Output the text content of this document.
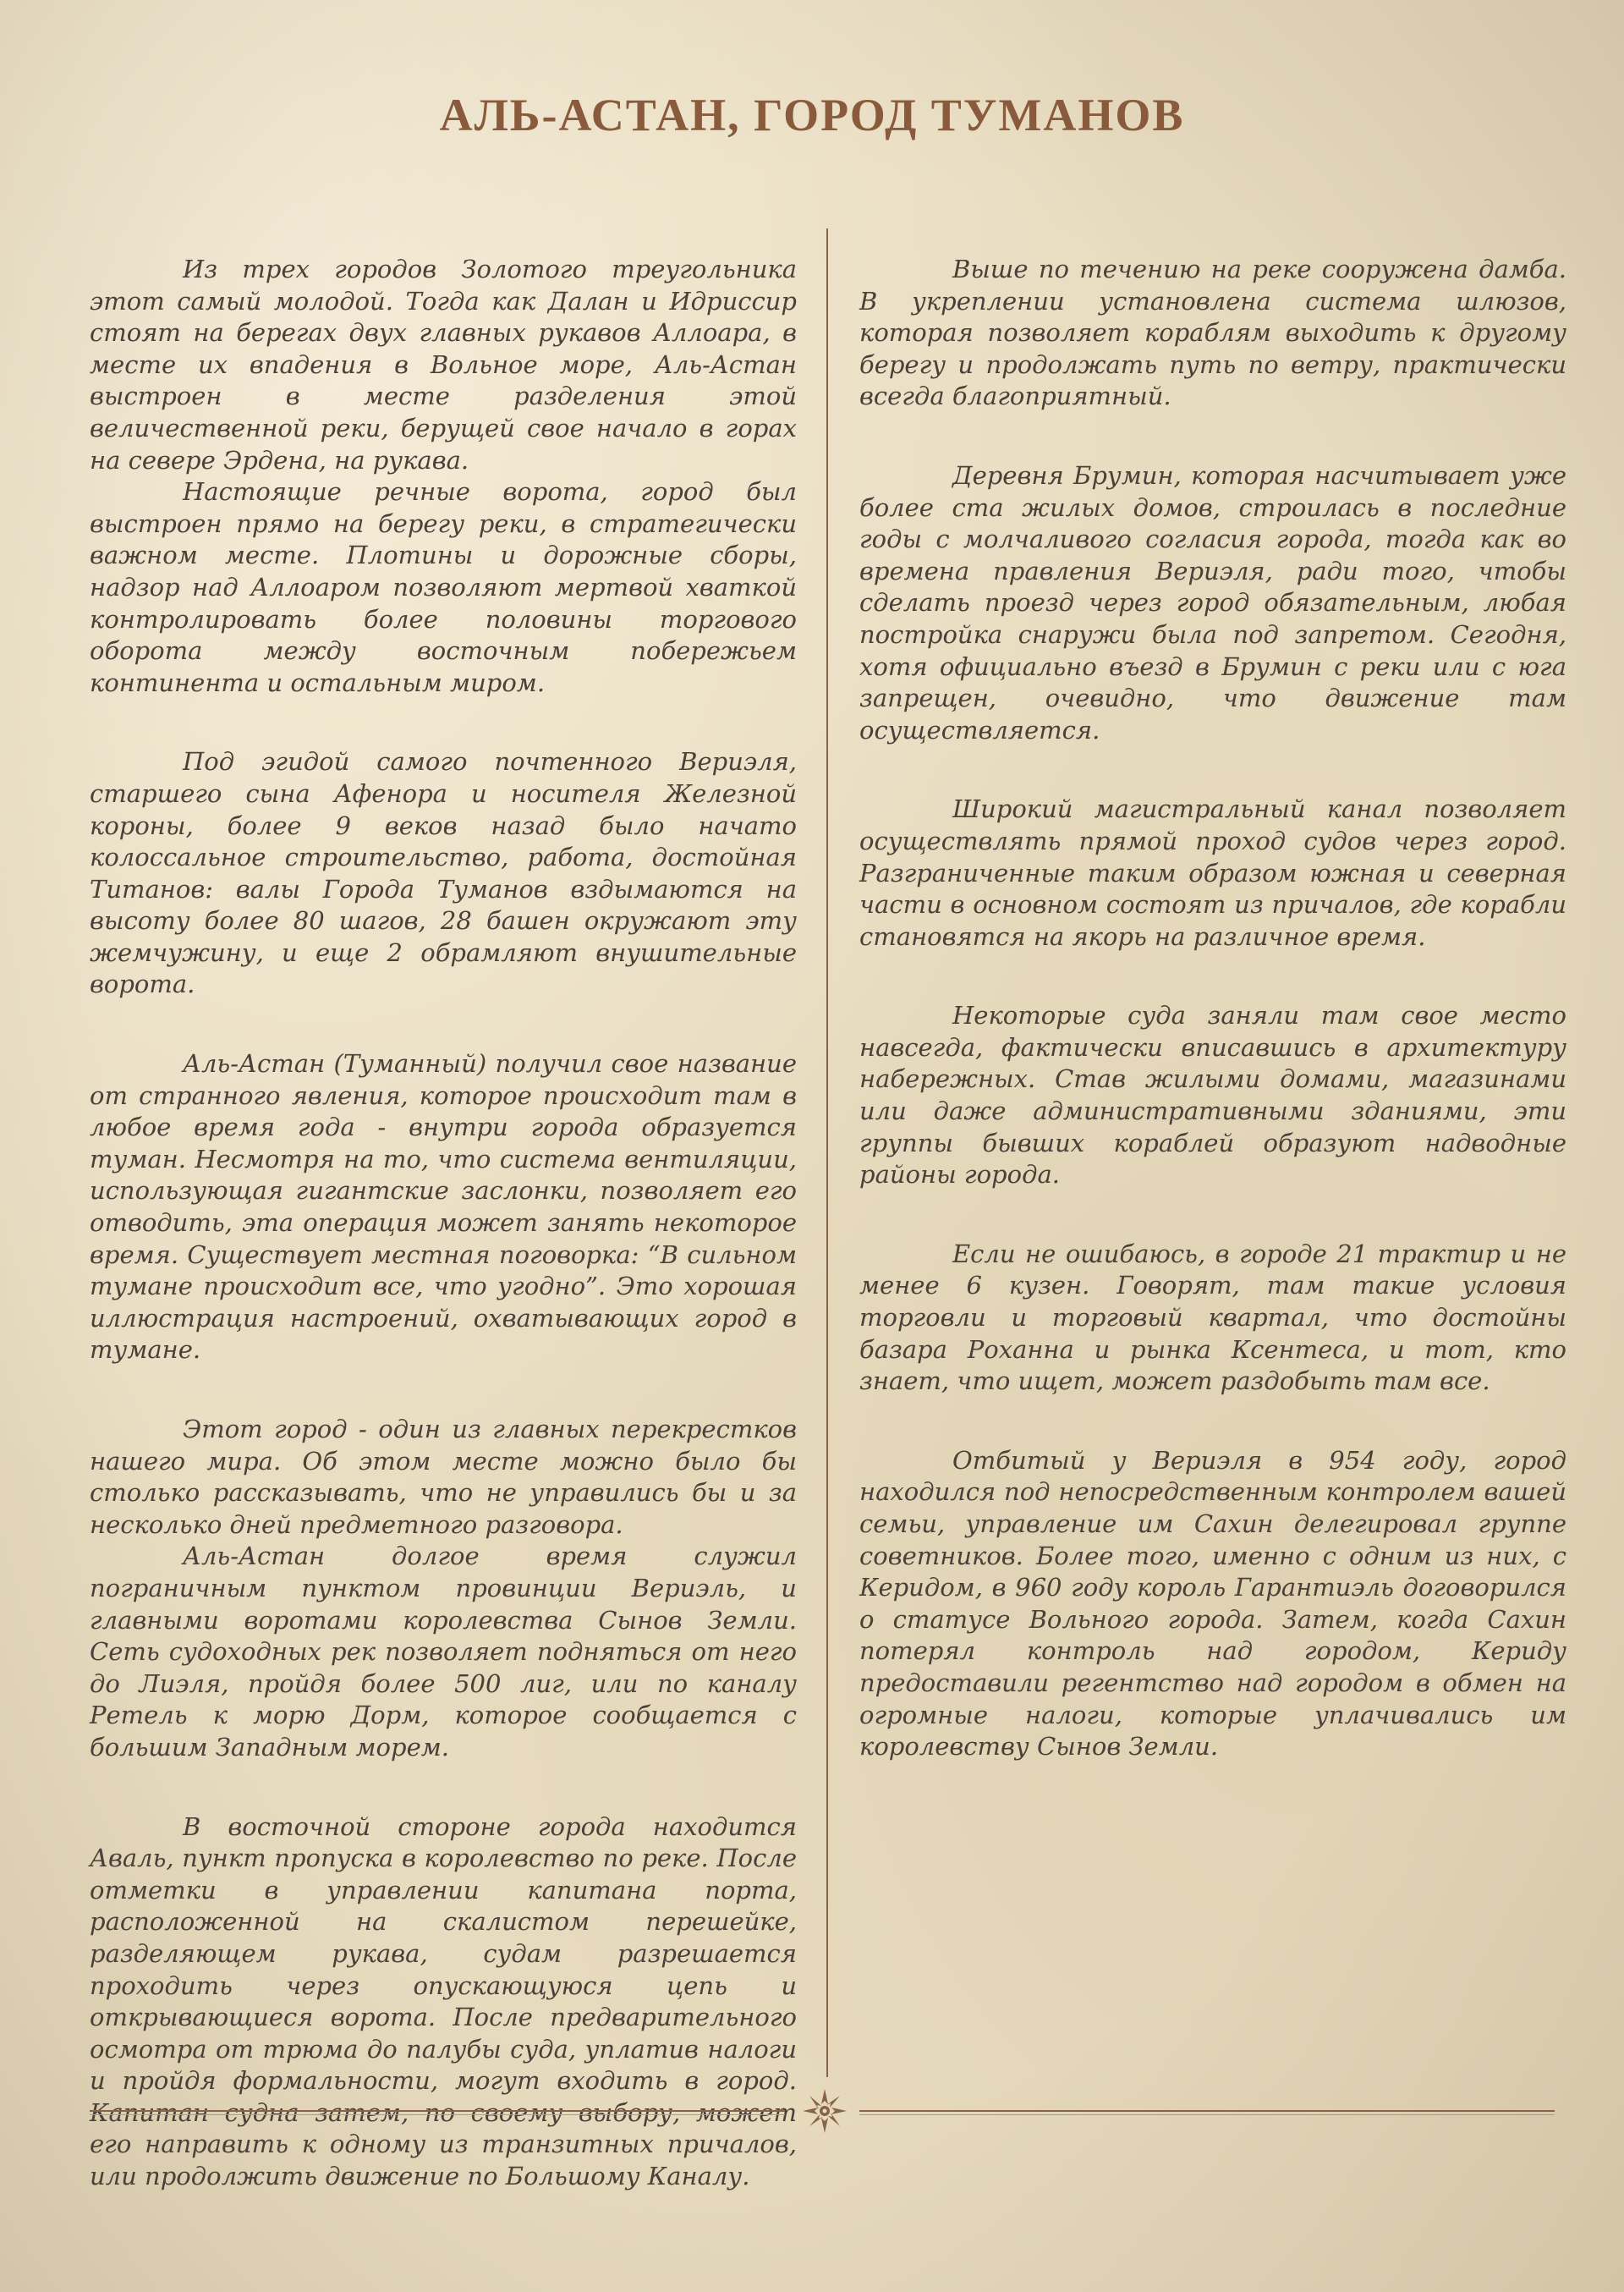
АЛЬ-АСТАН, ГОРОД ТУМАНОВ

Из трех городов Золотого треугольника этот самый молодой. Тогда как Далан и Идриссир стоят на берегах двух главных рукавов Аллоара, в месте их впадения в Вольное море, Аль-Астан выстроен в месте разделения этой величественной реки, берущей свое начало в горах на севере Эрдена, на рукава.

Настоящие речные ворота, город был выстроен прямо на берегу реки, в стратегически важном месте. Плотины и дорожные сборы, надзор над Аллоаром позволяют мертвой хваткой контролировать более половины торгового оборота между восточным побережьем континента и остальным миром.

Под эгидой самого почтенного Вериэля, старшего сына Афенора и носителя Железной короны, более 9 веков назад было начато колоссальное строительство, работа, достойная Титанов: валы Города Туманов вздымаются на высоту более 80 шагов, 28 башен окружают эту жемчужину, и еще 2 обрамляют внушительные ворота.

Аль-Астан (Туманный) получил свое название от странного явления, которое происходит там в любое время года - внутри города образуется туман. Несмотря на то, что система вентиляции, использующая гигантские заслонки, позволяет его отводить, эта операция может занять некоторое время. Существует местная поговорка: “В сильном тумане происходит все, что угодно”. Это хорошая иллюстрация настроений, охватывающих город в тумане.

Этот город - один из главных перекрестков нашего мира. Об этом месте можно было бы столько рассказывать, что не управились бы и за несколько дней предметного разговора.

Аль-Астан долгое время служил пограничным пунктом провинции Вериэль, и главными воротами королевства Сынов Земли. Сеть судоходных рек позволяет подняться от него до Лиэля, пройдя более 500 лиг, или по каналу Ретель к морю Дорм, которое сообщается с большим Западным морем.

В восточной стороне города находится Аваль, пункт пропуска в королевство по реке. После отметки в управлении капитана порта, расположенной на скалистом перешейке, разделяющем рукава, судам разрешается проходить через опускающуюся цепь и открывающиеся ворота. После предварительного осмотра от трюма до палубы суда, уплатив налоги и пройдя формальности, могут входить в город. Капитан судна затем, по своему выбору, может его направить к одному из транзитных причалов, или продолжить движение по Большому Каналу.

Выше по течению на реке сооружена дамба. В укреплении установлена система шлюзов, которая позволяет кораблям выходить к другому берегу и продолжать путь по ветру, практически всегда благоприятный.

Деревня Брумин, которая насчитывает уже более ста жилых домов, строилась в последние годы с молчаливого согласия города, тогда как во времена правления Вериэля, ради того, чтобы сделать проезд через город обязательным, любая постройка снаружи была под запретом. Сегодня, хотя официально въезд в Брумин с реки или с юга запрещен, очевидно, что движение там осуществляется.

Широкий магистральный канал позволяет осуществлять прямой проход судов через город. Разграниченные таким образом южная и северная части в основном состоят из причалов, где корабли становятся на якорь на различное время.

Некоторые суда заняли там свое место навсегда, фактически вписавшись в архитектуру набережных. Став жилыми домами, магазинами или даже административными зданиями, эти группы бывших кораблей образуют надводные районы города.

Если не ошибаюсь, в городе 21 трактир и не менее 6 кузен. Говорят, там такие условия торговли и торговый квартал, что достойны базара Роханна и рынка Ксентеса, и тот, кто знает, что ищет, может раздобыть там все.

Отбитый у Вериэля в 954 году, город находился под непосредственным контролем вашей семьи, управление им Сахин делегировал группе советников. Более того, именно с одним из них, с Керидом, в 960 году король Гарантиэль договорился о статусе Вольного города. Затем, когда Сахин потерял контроль над городом, Кериду предоставили регентство над городом в обмен на огромные налоги, которые уплачивались им королевству Сынов Земли.
